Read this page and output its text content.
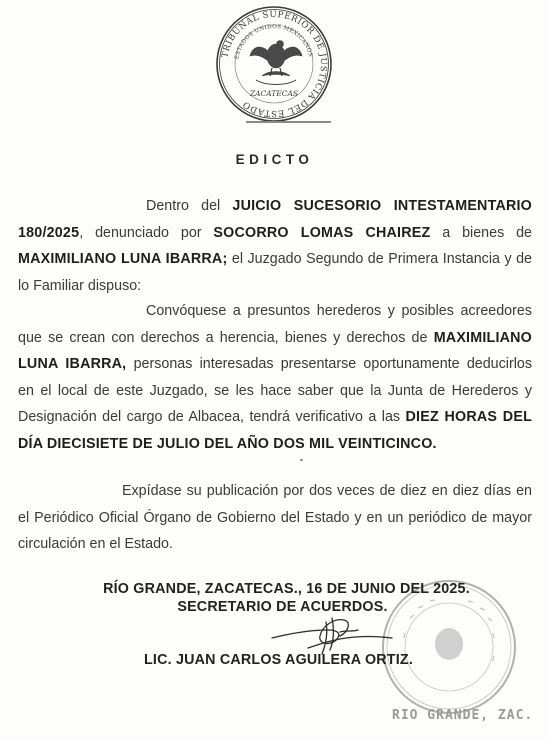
TRIBUNAL SUPERIOR DE JUSTICIA DEL ESTADO
ESTADOS UNIDOS MEXICANOS
ZACATECAS
EDICTO
Dentro del JUICIO SUCESORIO INTESTAMENTARIO 180/2025, denunciado por SOCORRO LOMAS CHAIREZ a bienes de MAXIMILIANO LUNA IBARRA; el Juzgado Segundo de Primera Instancia y de lo Familiar dispuso:
Convóquese a presuntos herederos y posibles acreedores que se crean con derechos a herencia, bienes y derechos de MAXIMILIANO LUNA IBARRA, personas interesadas presentarse oportunamente deducirlos en el local de este Juzgado, se les hace saber que la Junta de Herederos y Designación del cargo de Albacea, tendrá verificativo a las DIEZ HORAS DEL DÍA DIECISIETE DE JULIO DEL AÑO DOS MIL VEINTICINCO.
Expídase su publicación por dos veces de diez en diez días en el Periódico Oficial Órgano de Gobierno del Estado y en un periódico de mayor circulación en el Estado.
RÍO GRANDE, ZACATECAS., 16 DE JUNIO DEL 2025.
SECRETARIO DE ACUERDOS.
LIC. JUAN CARLOS AGUILERA ORTIZ.
RIO GRANDE, ZAC.
